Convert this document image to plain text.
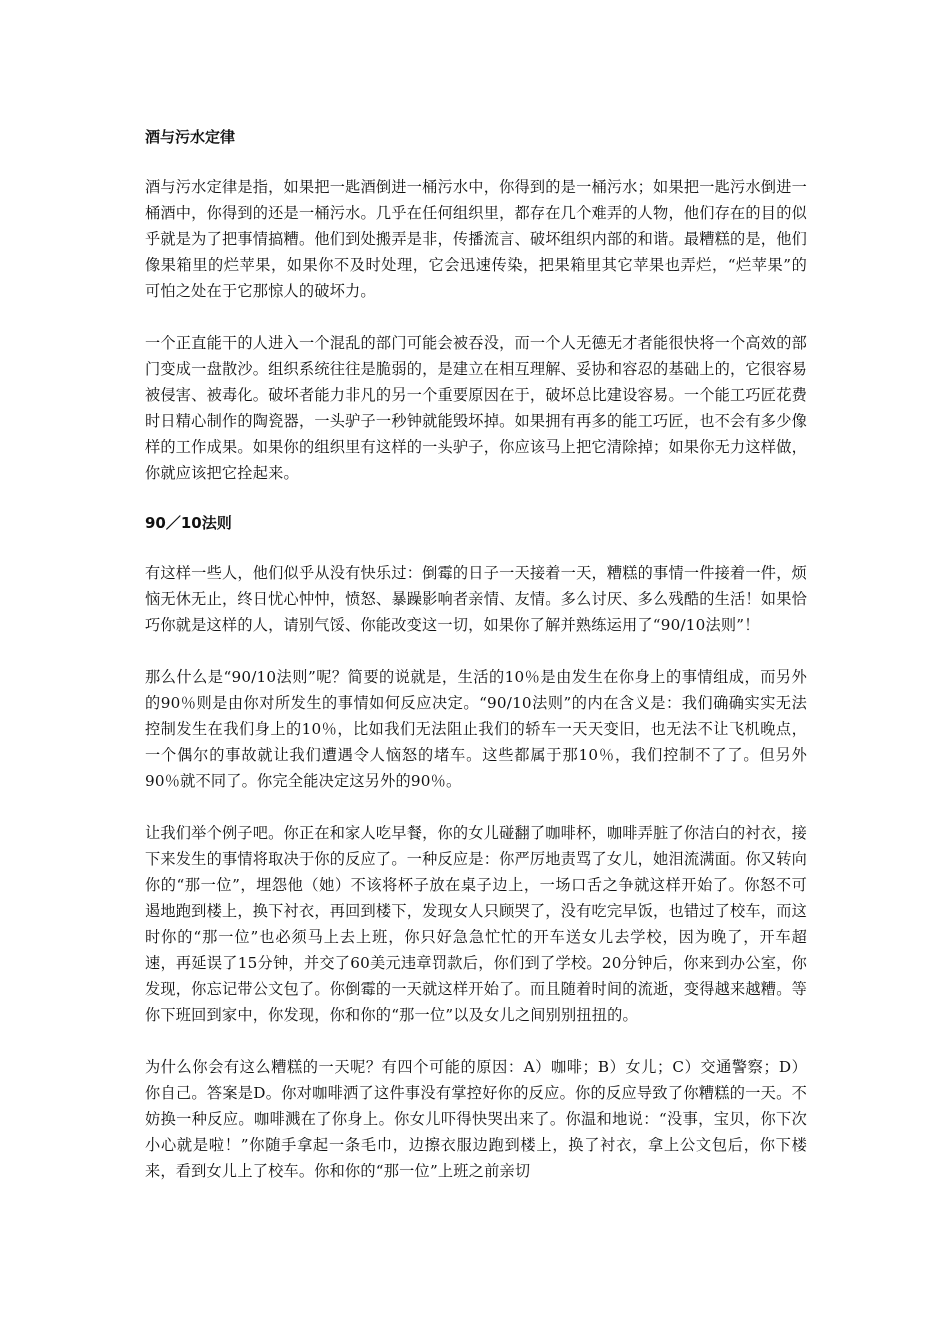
酒与污水定律

酒与污水定律是指，如果把一匙酒倒进一桶污水中，你得到的是一桶污水；如果把一匙污水倒进一桶酒中，你得到的还是一桶污水。几乎在任何组织里，都存在几个难弄的人物，他们存在的目的似乎就是为了把事情搞糟。他们到处搬弄是非，传播流言、破坏组织内部的和谐。最糟糕的是，他们像果箱里的烂苹果，如果你不及时处理，它会迅速传染，把果箱里其它苹果也弄烂，“烂苹果”的可怕之处在于它那惊人的破坏力。

一个正直能干的人进入一个混乱的部门可能会被吞没，而一个人无德无才者能很快将一个高效的部门变成一盘散沙。组织系统往往是脆弱的，是建立在相互理解、妥协和容忍的基础上的，它很容易被侵害、被毒化。破坏者能力非凡的另一个重要原因在于，破坏总比建设容易。一个能工巧匠花费时日精心制作的陶瓷器，一头驴子一秒钟就能毁坏掉。如果拥有再多的能工巧匠，也不会有多少像样的工作成果。如果你的组织里有这样的一头驴子，你应该马上把它清除掉；如果你无力这样做，你就应该把它拴起来。

90／10法则

有这样一些人，他们似乎从没有快乐过：倒霉的日子一天接着一天，糟糕的事情一件接着一件，烦恼无休无止，终日忧心忡忡，愤怒、暴躁影响者亲情、友情。多么讨厌、多么残酷的生活！如果恰巧你就是这样的人，请别气馁、你能改变这一切，如果你了解并熟练运用了“90/10法则”！

那么什么是“90/10法则”呢？简要的说就是，生活的10％是由发生在你身上的事情组成，而另外的90％则是由你对所发生的事情如何反应决定。“90/10法则”的内在含义是：我们确确实实无法控制发生在我们身上的10％，比如我们无法阻止我们的轿车一天天变旧，也无法不让飞机晚点，一个偶尔的事故就让我们遭遇令人恼怒的堵车。这些都属于那10％，我们控制不了了。但另外90％就不同了。你完全能决定这另外的90％。

让我们举个例子吧。你正在和家人吃早餐，你的女儿碰翻了咖啡杯，咖啡弄脏了你洁白的衬衣，接下来发生的事情将取决于你的反应了。一种反应是：你严厉地责骂了女儿，她泪流满面。你又转向你的“那一位”，埋怨他（她）不该将杯子放在桌子边上，一场口舌之争就这样开始了。你怒不可遏地跑到楼上，换下衬衣，再回到楼下，发现女人只顾哭了，没有吃完早饭，也错过了校车，而这时你的“那一位”也必须马上去上班，你只好急急忙忙的开车送女儿去学校，因为晚了，开车超速，再延误了15分钟，并交了60美元违章罚款后，你们到了学校。20分钟后，你来到办公室，你发现，你忘记带公文包了。你倒霉的一天就这样开始了。而且随着时间的流逝，变得越来越糟。等你下班回到家中，你发现，你和你的“那一位”以及女儿之间别别扭扭的。

为什么你会有这么糟糕的一天呢？有四个可能的原因：A）咖啡；B）女儿；C）交通警察；D）你自己。答案是D。你对咖啡洒了这件事没有掌控好你的反应。你的反应导致了你糟糕的一天。不妨换一种反应。咖啡溅在了你身上。你女儿吓得快哭出来了。你温和地说：“没事，宝贝，你下次小心就是啦！”你随手拿起一条毛巾，边擦衣服边跑到楼上，换了衬衣，拿上公文包后，你下楼来，看到女儿上了校车。你和你的“那一位”上班之前亲切
